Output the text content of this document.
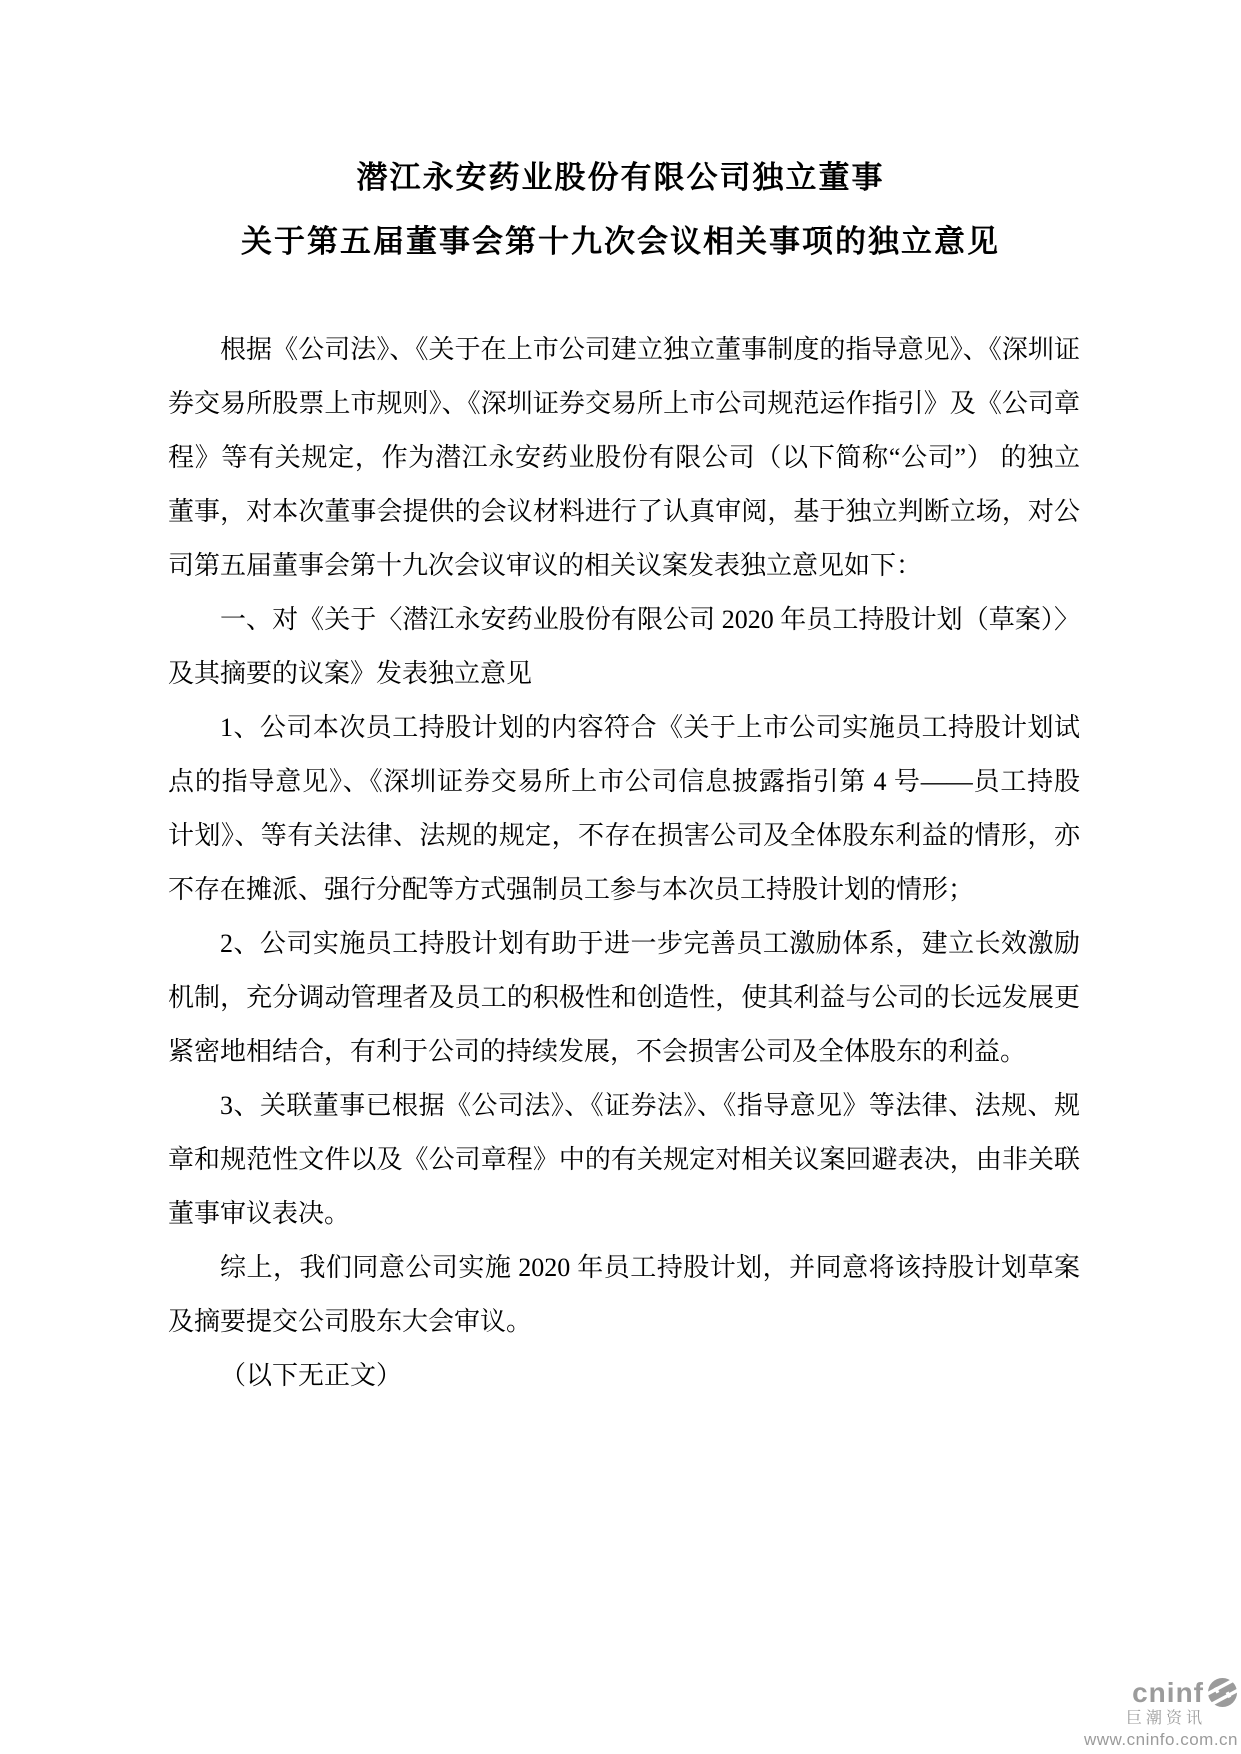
潜江永安药业股份有限公司独立董事
关于第五届董事会第十九次会议相关事项的独立意见
根据《公司法》、《关于在上市公司建立独立董事制度的指导意见》、《深圳证
券交易所股票上市规则》、《深圳证券交易所上市公司规范运作指引》及《公司章
程》等有关规定，作为潜江永安药业股份有限公司（以下简称“公司”） 的独立
董事，对本次董事会提供的会议材料进行了认真审阅，基于独立判断立场，对公
司第五届董事会第十九次会议审议的相关议案发表独立意见如下：
一、对《关于〈潜江永安药业股份有限公司 2020 年员工持股计划（草案）〉
及其摘要的议案》发表独立意见
1、公司本次员工持股计划的内容符合《关于上市公司实施员工持股计划试
点的指导意见》、《深圳证券交易所上市公司信息披露指引第 4 号——员工持股
计划》、等有关法律、法规的规定，不存在损害公司及全体股东利益的情形，亦
不存在摊派、强行分配等方式强制员工参与本次员工持股计划的情形；
2、公司实施员工持股计划有助于进一步完善员工激励体系，建立长效激励
机制，充分调动管理者及员工的积极性和创造性，使其利益与公司的长远发展更
紧密地相结合，有利于公司的持续发展，不会损害公司及全体股东的利益。
3、关联董事已根据《公司法》、《证券法》、《指导意见》等法律、法规、规
章和规范性文件以及《公司章程》中的有关规定对相关议案回避表决，由非关联
董事审议表决。
综上，我们同意公司实施 2020 年员工持股计划，并同意将该持股计划草案
及摘要提交公司股东大会审议。
（以下无正文）
cninf
巨潮资讯
www.cninfo.com.cn
